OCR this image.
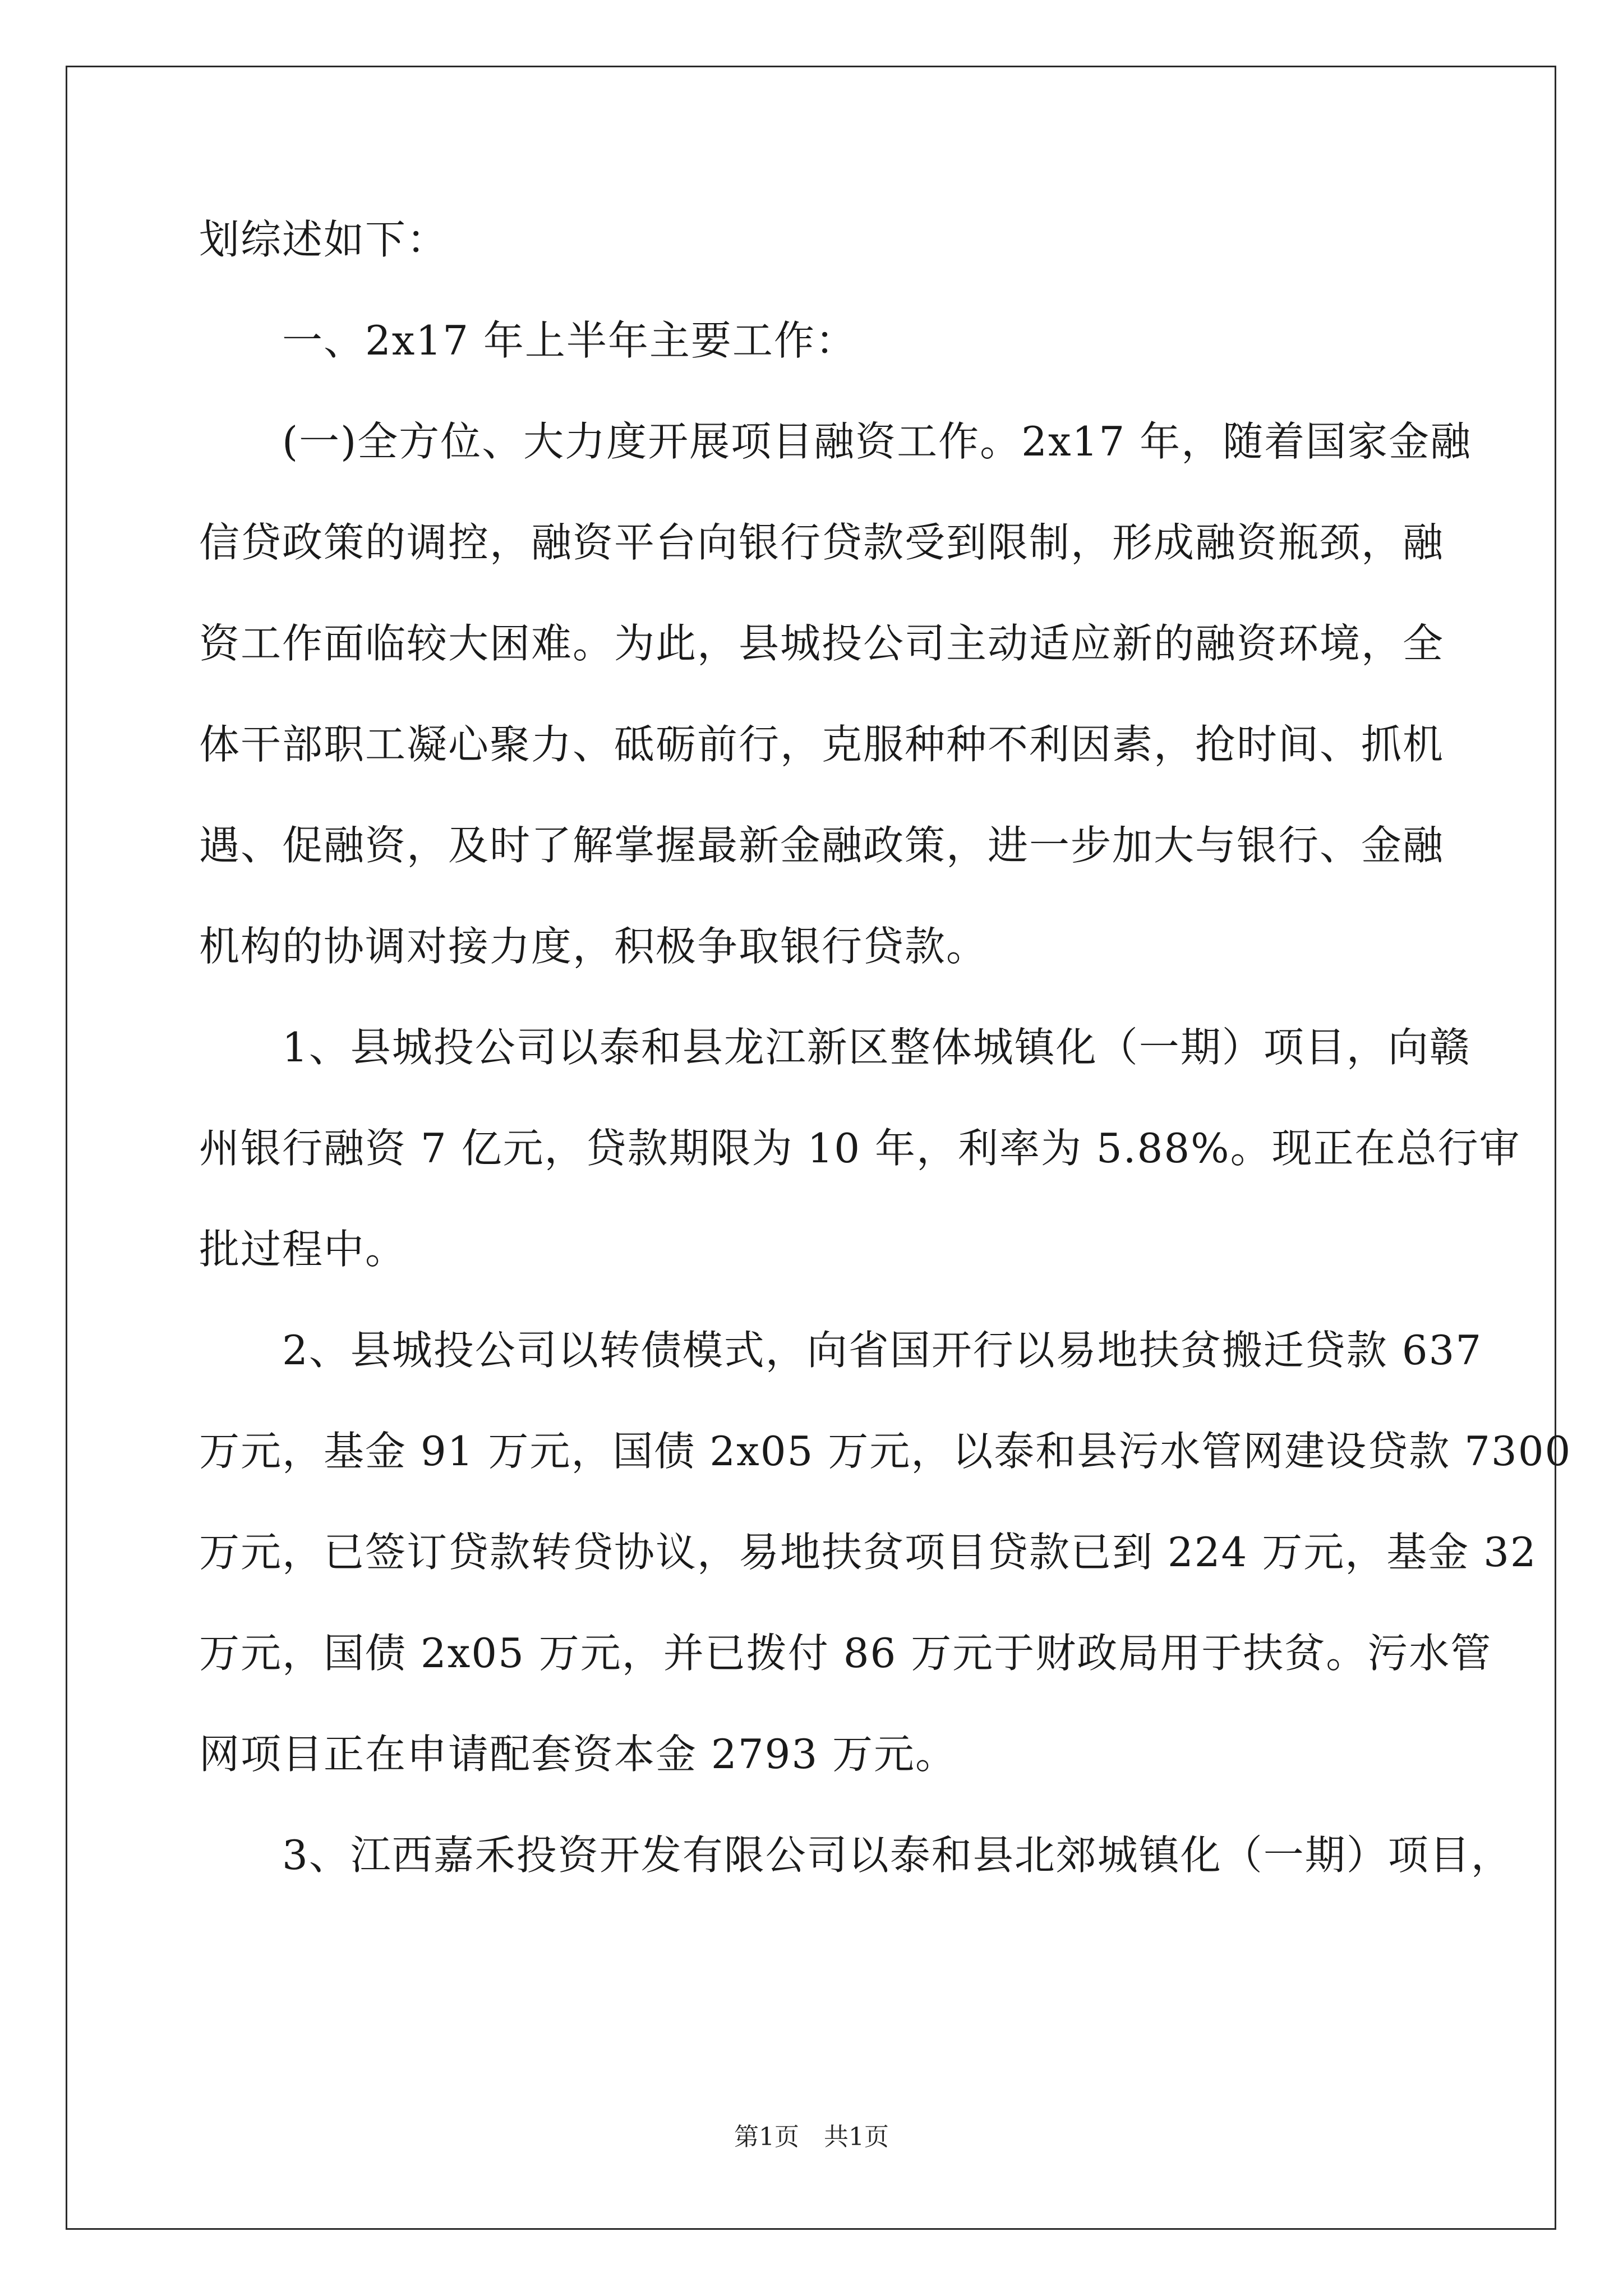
划综述如下：
　　一、2x17 年上半年主要工作：
　　(一)全方位、大力度开展项目融资工作。2x17 年，随着国家金融
信贷政策的调控，融资平台向银行贷款受到限制，形成融资瓶颈，融
资工作面临较大困难。为此，县城投公司主动适应新的融资环境，全
体干部职工凝心聚力、砥砺前行，克服种种不利因素，抢时间、抓机
遇、促融资，及时了解掌握最新金融政策，进一步加大与银行、金融
机构的协调对接力度，积极争取银行贷款。
　　1、县城投公司以泰和县龙江新区整体城镇化（一期）项目，向赣
州银行融资 7 亿元，贷款期限为 10 年，利率为 5.88%。现正在总行审
批过程中。
　　2、县城投公司以转债模式，向省国开行以易地扶贫搬迁贷款 637
万元，基金 91 万元，国债 2x05 万元，以泰和县污水管网建设贷款 7300
万元，已签订贷款转贷协议，易地扶贫项目贷款已到 224 万元，基金 32
万元，国债 2x05 万元，并已拨付 86 万元于财政局用于扶贫。污水管
网项目正在申请配套资本金 2793 万元。
　　3、江西嘉禾投资开发有限公司以泰和县北郊城镇化（一期）项目，
第1页　共1页
